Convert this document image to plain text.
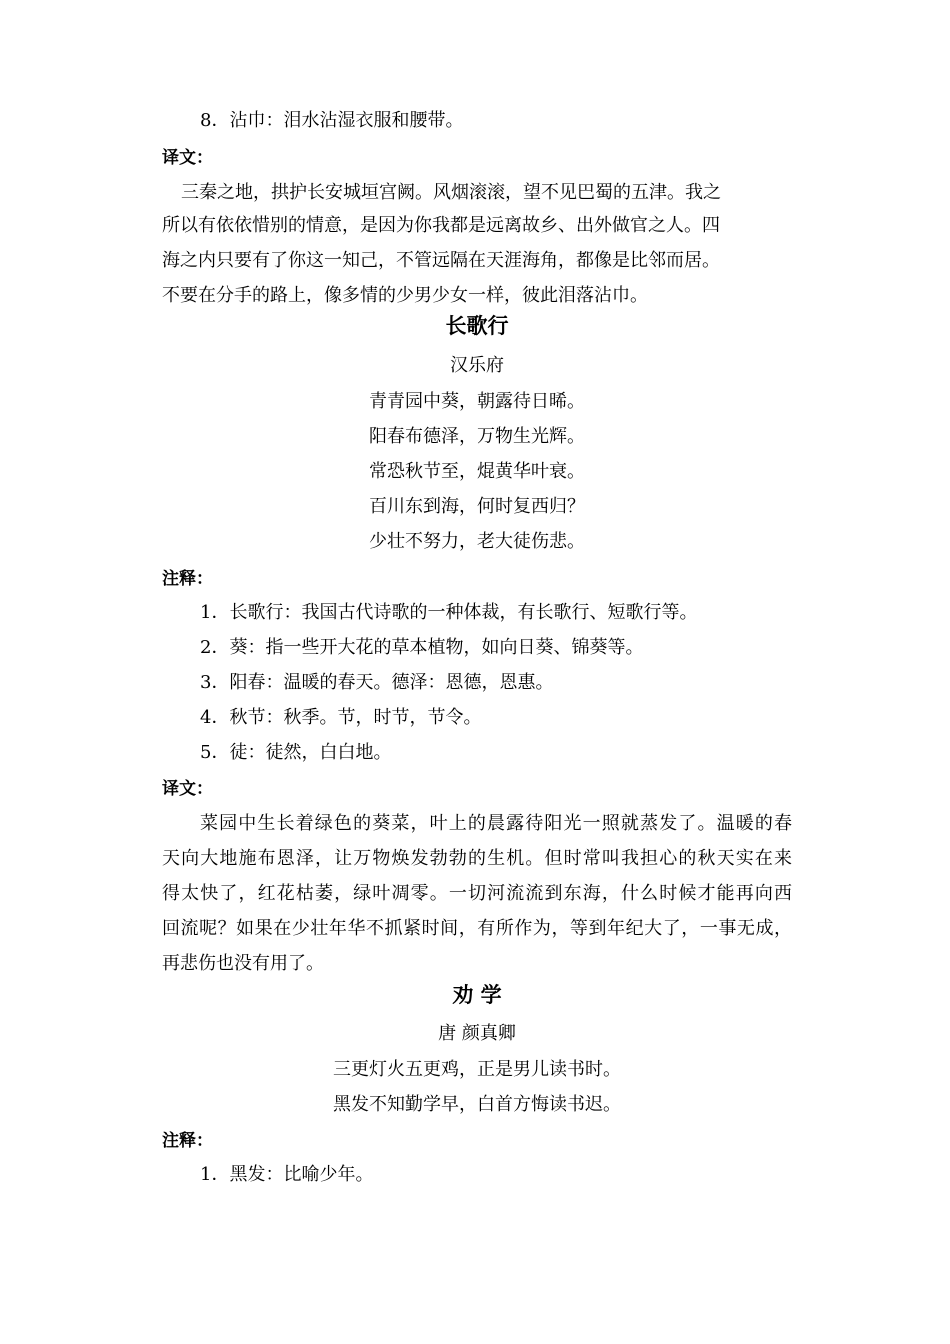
8．沾巾：泪水沾湿衣服和腰带。
译文：
三秦之地，拱护长安城垣宫阙。风烟滚滚，望不见巴蜀的五津。我之
所以有依依惜别的情意，是因为你我都是远离故乡、出外做官之人。四
海之内只要有了你这一知己，不管远隔在天涯海角，都像是比邻而居。
不要在分手的路上，像多情的少男少女一样，彼此泪落沾巾。
长歌行
汉乐府
青青园中葵，朝露待日晞。
阳春布德泽，万物生光辉。
常恐秋节至，焜黄华叶衰。
百川东到海，何时复西归？
少壮不努力，老大徒伤悲。
注释：
1．长歌行：我国古代诗歌的一种体裁，有长歌行、短歌行等。
2．葵：指一些开大花的草本植物，如向日葵、锦葵等。
3．阳春：温暖的春天。德泽：恩德，恩惠。
4．秋节：秋季。节，时节，节令。
5．徒：徒然，白白地。
译文：
菜园中生长着绿色的葵菜，叶上的晨露待阳光一照就蒸发了。温暖的春
天向大地施布恩泽，让万物焕发勃勃的生机。但时常叫我担心的秋天实在来
得太快了，红花枯萎，绿叶凋零。一切河流流到东海，什么时候才能再向西
回流呢？如果在少壮年华不抓紧时间，有所作为，等到年纪大了，一事无成，
再悲伤也没有用了。
劝 学
唐 颜真卿
三更灯火五更鸡，正是男儿读书时。
黑发不知勤学早，白首方悔读书迟。
注释：
1．黑发：比喻少年。
